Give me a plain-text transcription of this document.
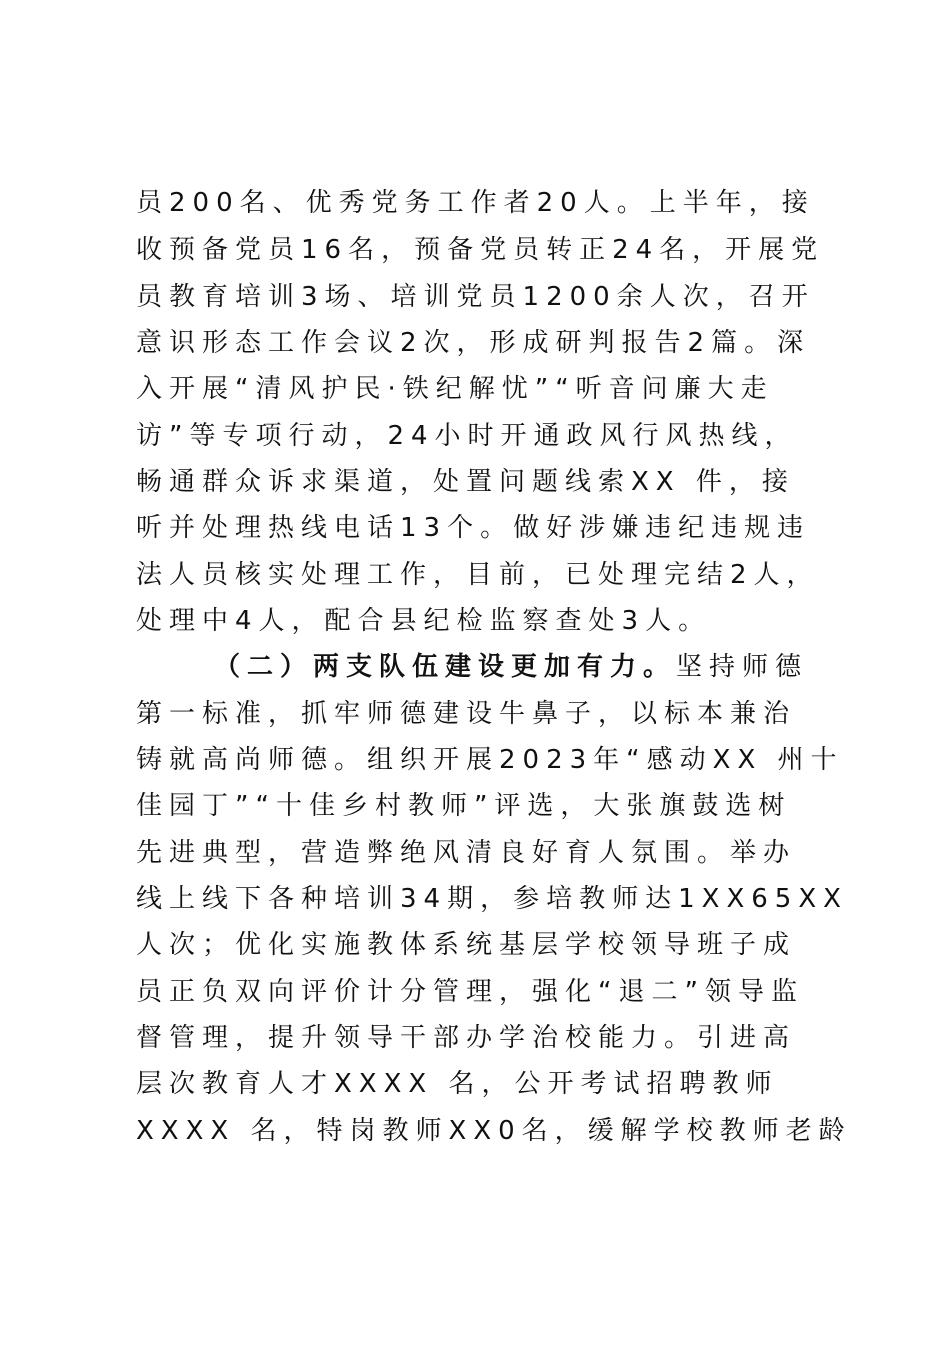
员200名、优秀党务工作者20人。上半年，接
收预备党员16名，预备党员转正24名，开展党
员教育培训3场、培训党员1200余人次，召开
意识形态工作会议2次，形成研判报告2篇。深
入开展“清风护民·铁纪解忧”“听音问廉大走
访”等专项行动，24小时开通政风行风热线，
畅通群众诉求渠道，处置问题线索XX 件，接
听并处理热线电话13个。做好涉嫌违纪违规违
法人员核实处理工作，目前，已处理完结2人，
处理中4人，配合县纪检监察查处3人。
（二）两支队伍建设更加有力。坚持师德
第一标准，抓牢师德建设牛鼻子，以标本兼治
铸就高尚师德。组织开展2023年“感动XX 州十
佳园丁”“十佳乡村教师”评选，大张旗鼓选树
先进典型，营造弊绝风清良好育人氛围。举办
线上线下各种培训34期，参培教师达1XX65XX
人次；优化实施教体系统基层学校领导班子成
员正负双向评价计分管理，强化“退二”领导监
督管理，提升领导干部办学治校能力。引进高
层次教育人才XXXX 名，公开考试招聘教师
XXXX 名，特岗教师XX0名，缓解学校教师老龄
